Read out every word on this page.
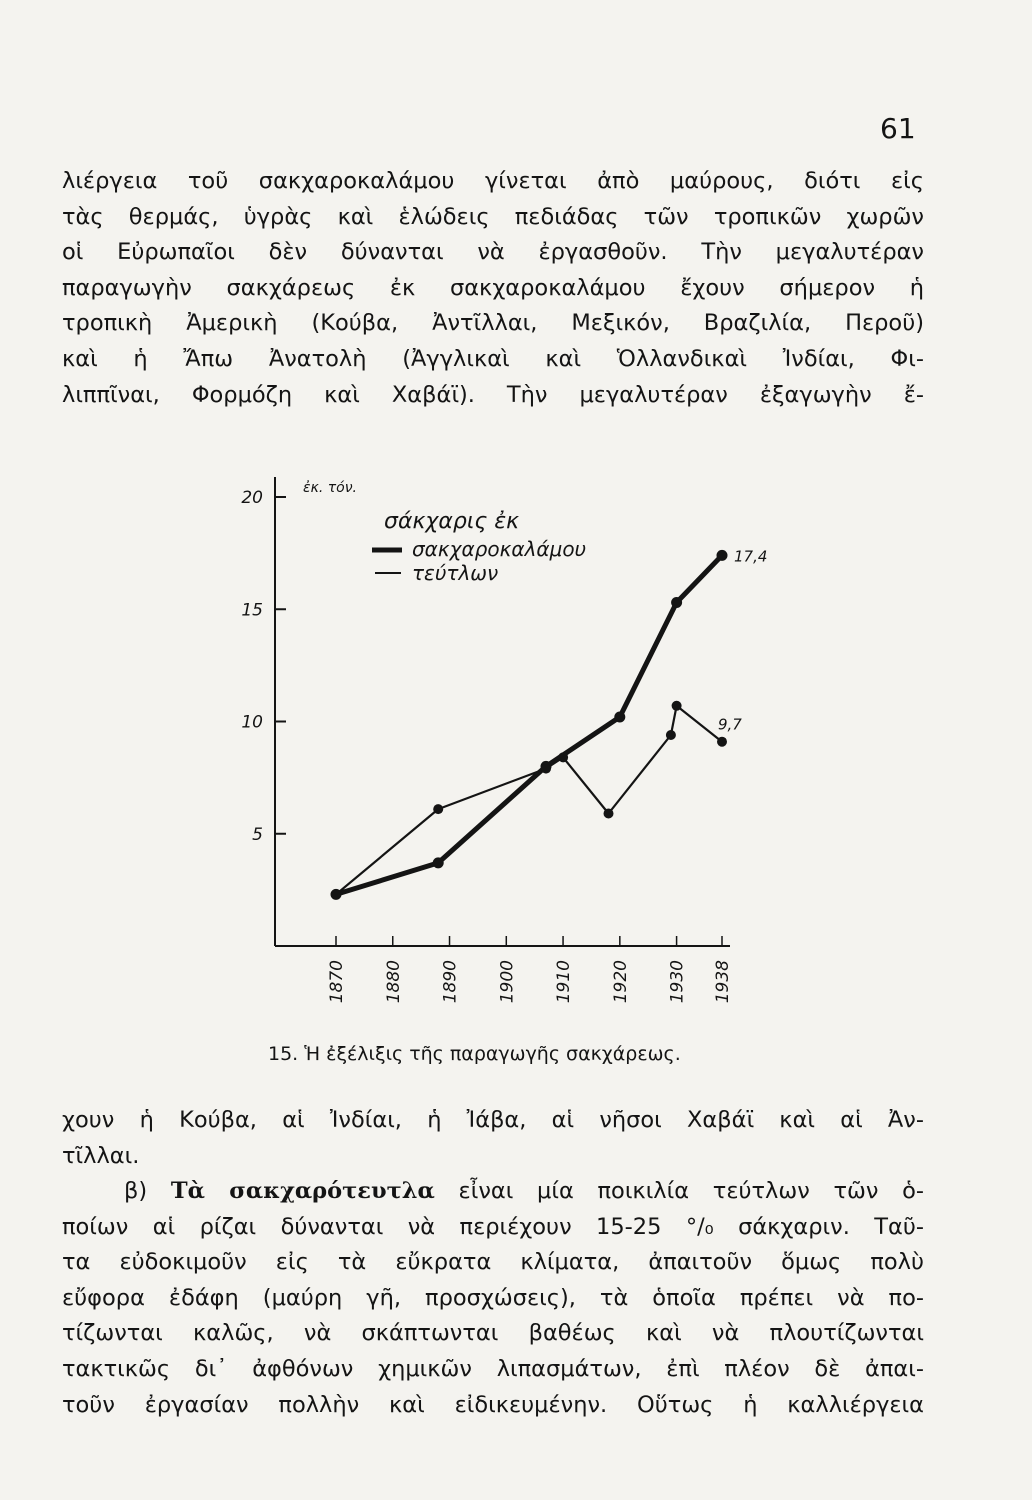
61
λιέργεια τοῦ σακχαροκαλάμου γίνεται ἀπὸ μαύρους, διότι εἰς
τὰς θερμάς, ὑγρὰς καὶ ἑλώδεις πεδιάδας τῶν τροπικῶν χωρῶν
οἱ Εὐρωπαῖοι δὲν δύνανται νὰ ἐργασθοῦν. Τὴν μεγαλυτέραν
παραγωγὴν σακχάρεως ἐκ σακχαροκαλάμου ἔχουν σήμερον ἡ
τροπικὴ Ἀμερικὴ (Κούβα, Ἀντῖλλαι, Μεξικόν, Βραζιλία, Περοῦ)
καὶ ἡ Ἄπω Ἀνατολὴ (Ἀγγλικαὶ καὶ Ὁλλανδικαὶ Ἰνδίαι, Φι-
λιππῖναι, Φορμόζη καὶ Χαβάϊ). Τὴν μεγαλυτέραν ἐξαγωγὴν ἔ-
5
10
15
20
1870 1880 1890 1900 1910 1920 1930 1938
17,4
9,7
ἐκ. τόν.
σάκχαρις ἐκ
σακχαροκαλάμου
τεύτλων
15. Ἡ ἐξέλιξις τῆς παραγωγῆς σακχάρεως.
χουν ἡ Κούβα, αἱ Ἰνδίαι, ἡ Ἰάβα, αἱ νῆσοι Χαβάϊ καὶ αἱ Ἀν-
τῖλλαι.
β) Τὰ σακχαρότευτλα εἶναι μία ποικιλία τεύτλων τῶν ὁ-
ποίων αἱ ρίζαι δύνανται νὰ περιέχουν 15-25 °/₀ σάκχαριν. Ταῦ-
τα εὐδοκιμοῦν εἰς τὰ εὔκρατα κλίματα, ἀπαιτοῦν ὅμως πολὺ
εὔφορα ἐδάφη (μαύρη γῆ, προσχώσεις), τὰ ὁποῖα πρέπει νὰ πο-
τίζωνται καλῶς, νὰ σκάπτωνται βαθέως καὶ νὰ πλουτίζωνται
τακτικῶς δι᾿ ἀφθόνων χημικῶν λιπασμάτων, ἐπὶ πλέον δὲ ἀπαι-
τοῦν ἐργασίαν πολλὴν καὶ εἰδικευμένην. Οὕτως ἡ καλλιέργεια
